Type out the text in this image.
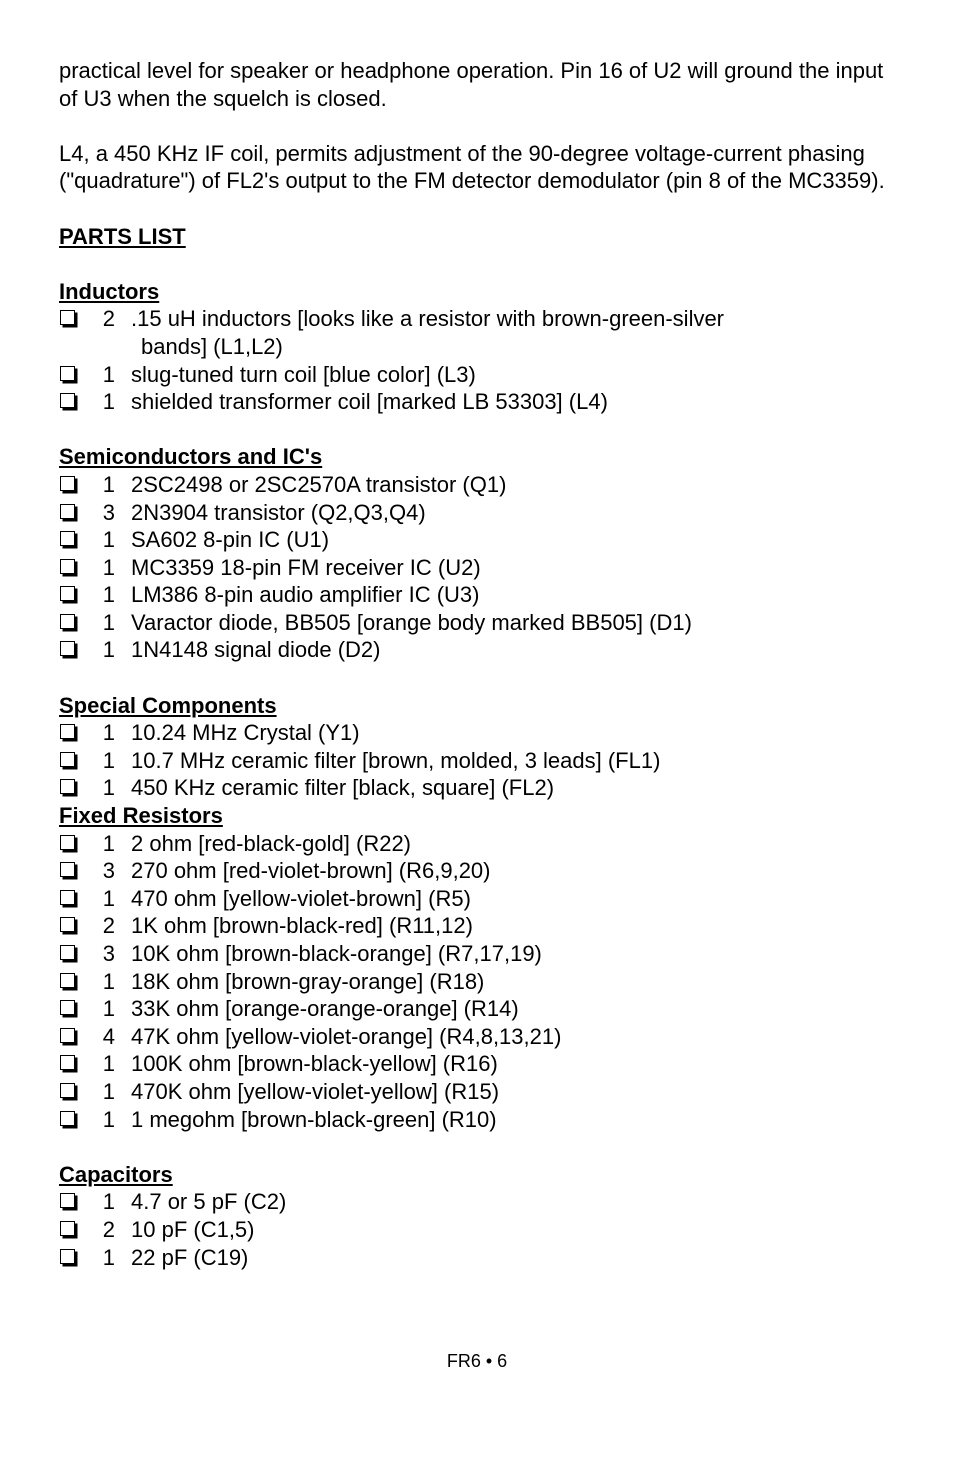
practical level for speaker or headphone operation. Pin 16 of U2 will ground the input of U3 when the squelch is closed.

L4, a 450 KHz IF coil, permits adjustment of the 90-degree voltage-current phasing ("quadrature") of FL2's output to the FM detector demodulator (pin 8 of the MC3359).

PARTS LIST
Inductors
2 .15 uH inductors [looks like a resistor with brown-green-silver
bands] (L1,L2)
1 slug-tuned turn coil [blue color] (L3)
1 shielded transformer coil [marked LB 53303] (L4)
Semiconductors and IC's
1 2SC2498 or 2SC2570A transistor (Q1)
3 2N3904 transistor (Q2,Q3,Q4)
1 SA602 8-pin IC (U1)
1 MC3359 18-pin FM receiver IC (U2)
1 LM386 8-pin audio amplifier IC (U3)
1 Varactor diode, BB505 [orange body marked BB505] (D1)
1 1N4148 signal diode (D2)
Special Components
1 10.24 MHz Crystal (Y1)
1 10.7 MHz ceramic filter [brown, molded, 3 leads] (FL1)
1 450 KHz ceramic filter [black, square] (FL2)
Fixed Resistors
1 2 ohm [red-black-gold] (R22)
3 270 ohm [red-violet-brown] (R6,9,20)
1 470 ohm [yellow-violet-brown] (R5)
2 1K ohm [brown-black-red] (R11,12)
3 10K ohm [brown-black-orange] (R7,17,19)
1 18K ohm [brown-gray-orange] (R18)
1 33K ohm [orange-orange-orange] (R14)
4 47K ohm [yellow-violet-orange] (R4,8,13,21)
1 100K ohm [brown-black-yellow] (R16)
1 470K ohm [yellow-violet-yellow] (R15)
1 1 megohm [brown-black-green] (R10)
Capacitors
1 4.7 or 5 pF (C2)
2 10 pF (C1,5)
1 22 pF (C19)
FR6 • 6
